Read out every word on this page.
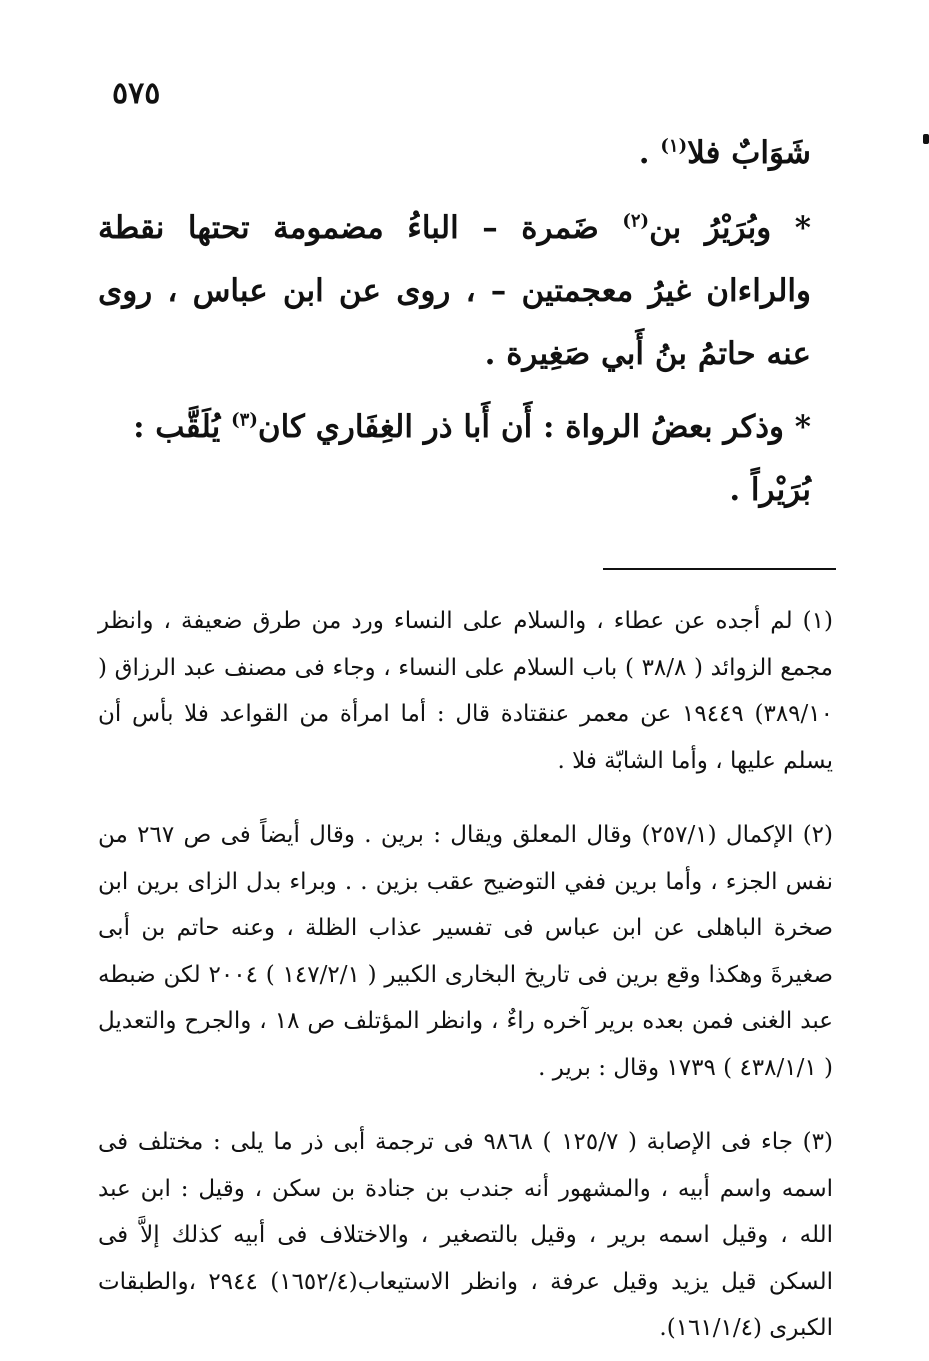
٥٧٥

شَوَابٌ فلا$^{(١)}$ .

* وبُرَيْرُ بن$^{(٢)}$ ضَمرة – الباءُ مضمومة تحتها نقطة والراءان غيرُ معجمتين – ، روى عن ابن عباس ، روى عنه حاتمُ بنُ أَبي صَغِيرة .

* وذكر بعضُ الرواة : أَن أَبا ذر الغِفَاري كان$^{(٣)}$ يُلَقَّب : بُرَيْراً .

(١) لم أجده عن عطاء ، والسلام على النساء ورد من طرق ضعيفة ، وانظر مجمع الزوائد ( ٣٨/٨ ) باب السلام على النساء ، وجاء فى مصنف عبد الرزاق ( ٣٨٩/١٠) ١٩٤٤٩ عن معمر عنقتادة قال : أما امرأة من القواعد فلا بأس أن يسلم عليها ، وأما الشابّة فلا .

(٢) الإكمال (٢٥٧/١) وقال المعلق ويقال : برين . وقال أيضاً فى ص ٢٦٧ من نفس الجزء ، وأما برين ففي التوضيح عقب بزين . . وبراء بدل الزاى برين ابن صخرة الباهلى عن ابن عباس فى تفسير عذاب الظلة ، وعنه حاتم بن أبى صغيرةَ وهكذا وقع برين فى تاريخ البخارى الكبير ( ١٤٧/٢/١ ) ٢٠٠٤ لكن ضبطه عبد الغنى فمن بعده برير آخره راءٌ ، وانظر المؤتلف ص ١٨ ، والجرح والتعديل ( ٤٣٨/١/١ ) ١٧٣٩ وقال : برير .

(٣) جاء فى الإصابة ( ١٢٥/٧ ) ٩٨٦٨ فى ترجمة أبى ذر ما يلى : مختلف فى اسمه واسم أبيه ، والمشهور أنه جندب بن جنادة بن سكن ، وقيل : ابن عبد الله ، وقيل اسمه برير ، وقيل بالتصغير ، والاختلاف فى أبيه كذلك إلاَّ فى السكن قيل يزيد وقيل عرفة ، وانظر الاستيعاب(١٦٥٢/٤) ٢٩٤٤ ،والطبقات الكبرى (١٦١/١/٤).
